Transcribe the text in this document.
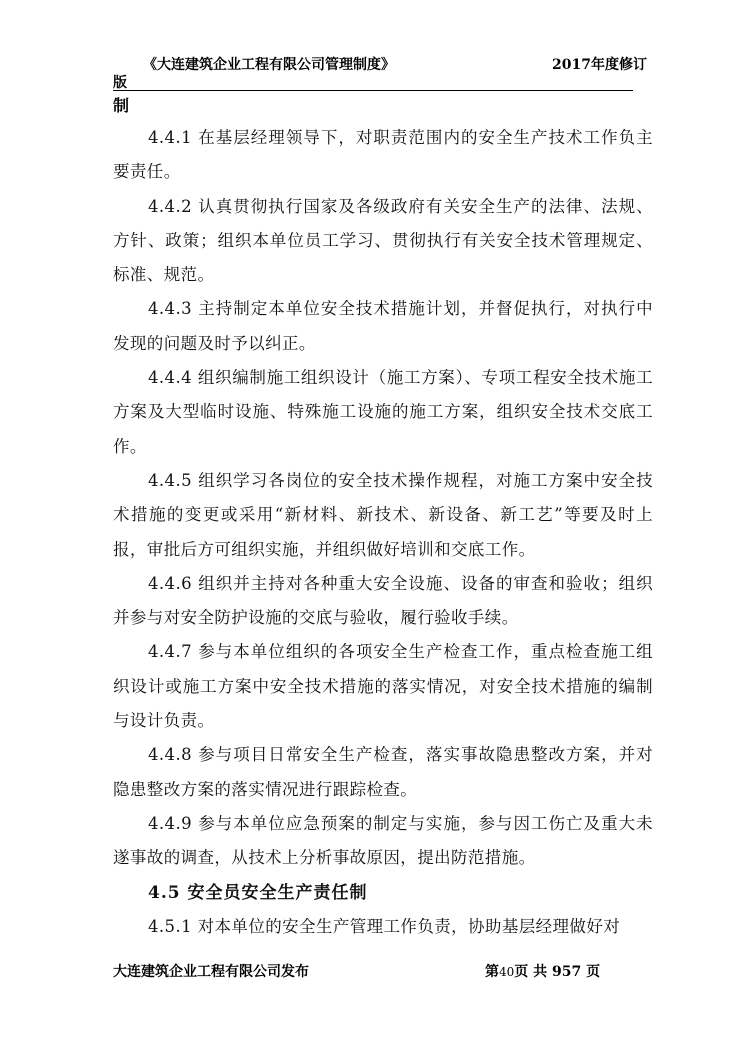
《大连建筑企业工程有限公司管理制度》	2017年度修订
版
制

4.4.1 在基层经理领导下，对职责范围内的安全生产技术工作负主要责任。

4.4.2 认真贯彻执行国家及各级政府有关安全生产的法律、法规、方针、政策；组织本单位员工学习、贯彻执行有关安全技术管理规定、标准、规范。

4.4.3 主持制定本单位安全技术措施计划，并督促执行，对执行中发现的问题及时予以纠正。

4.4.4 组织编制施工组织设计（施工方案）、专项工程安全技术施工方案及大型临时设施、特殊施工设施的施工方案，组织安全技术交底工作。

4.4.5 组织学习各岗位的安全技术操作规程，对施工方案中安全技术措施的变更或采用“新材料、新技术、新设备、新工艺”等要及时上报，审批后方可组织实施，并组织做好培训和交底工作。

4.4.6 组织并主持对各种重大安全设施、设备的审查和验收；组织并参与对安全防护设施的交底与验收，履行验收手续。

4.4.7 参与本单位组织的各项安全生产检查工作，重点检查施工组织设计或施工方案中安全技术措施的落实情况，对安全技术措施的编制与设计负责。

4.4.8 参与项目日常安全生产检查，落实事故隐患整改方案，并对隐患整改方案的落实情况进行跟踪检查。

4.4.9 参与本单位应急预案的制定与实施，参与因工伤亡及重大未遂事故的调查，从技术上分析事故原因，提出防范措施。

4.5 安全员安全生产责任制

4.5.1 对本单位的安全生产管理工作负责，协助基层经理做好对

大连建筑企业工程有限公司发布	第40页 共 957 页
